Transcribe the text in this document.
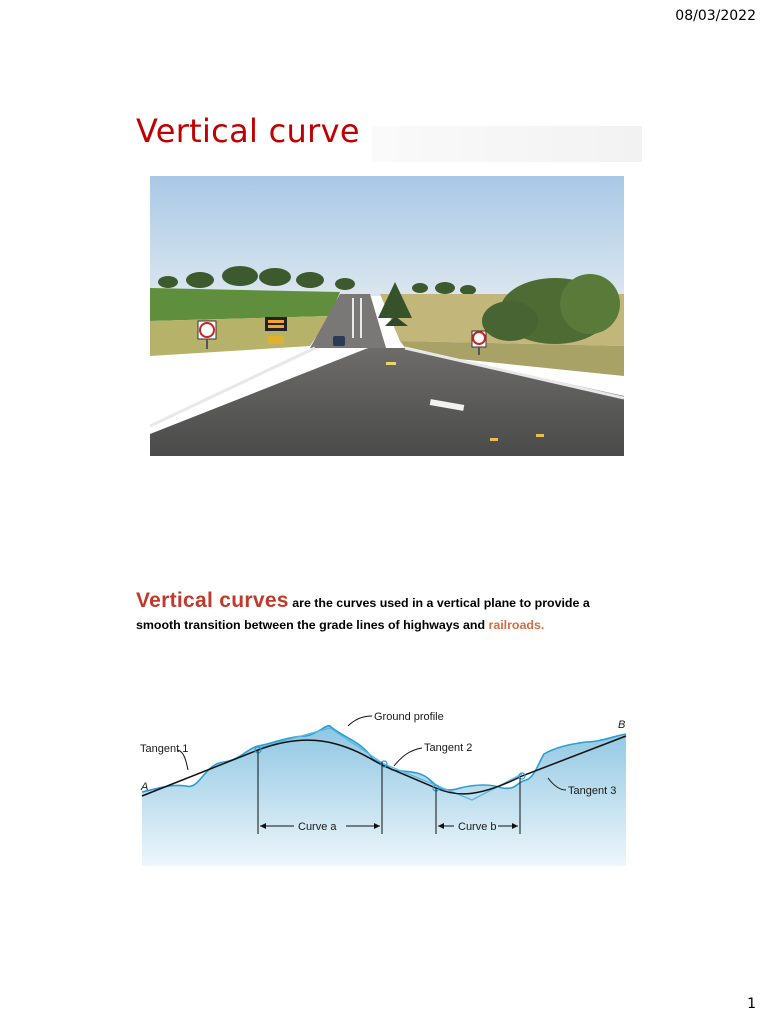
08/03/2022
Vertical curve
Vertical curves are the curves used in a vertical plane to provide a
smooth transition between the grade lines of highways and railroads.
Curve a	Curve b
Ground profile
Tangent 1	Tangent 2
Tangent 3
A
B
1
